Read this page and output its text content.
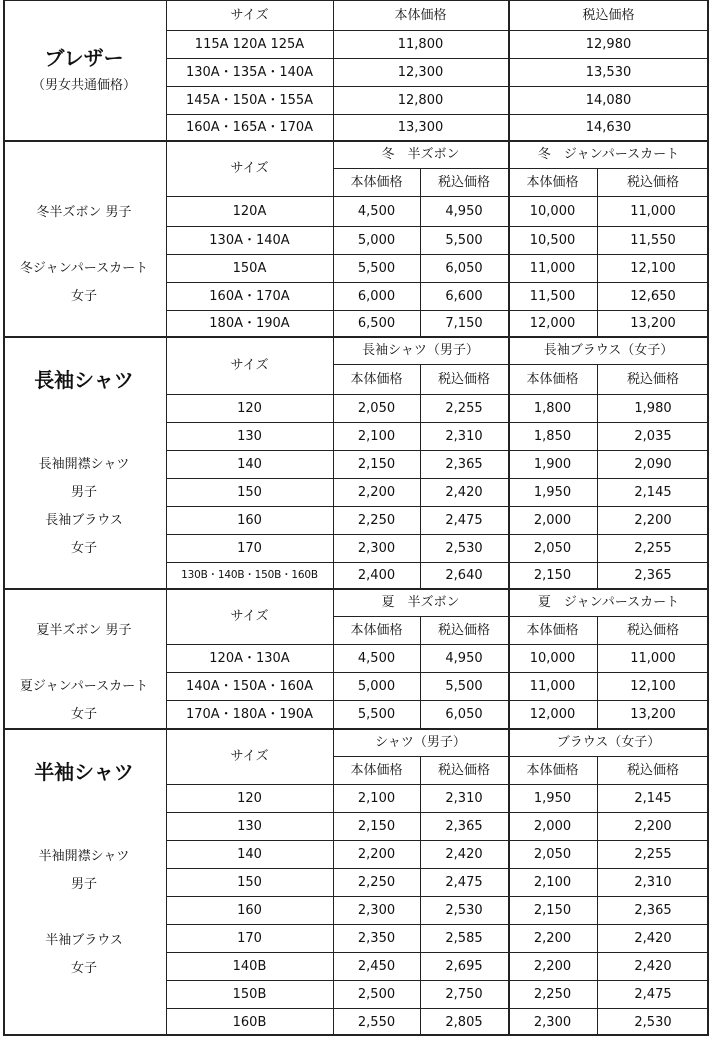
サイズ	本体価格	税込価格
115A 120A 125A	11,800	12,980
130A・135A・140A	12,300	13,530
145A・150A・155A	12,800	14,080
160A・165A・170A	13,300	14,630
ブレザー
（男女共通価格）
サイズ
冬　半ズボン	冬　ジャンパースカート
本体価格	税込価格	本体価格	税込価格
120A	4,500	4,950	10,000	11,000
130A・140A	5,000	5,500	10,500	11,550
150A	5,500	6,050	11,000	12,100
160A・170A	6,000	6,600	11,500	12,650
180A・190A	6,500	7,150	12,000	13,200
冬半ズボン 男子
冬ジャンパースカート
女子
サイズ
長袖シャツ（男子）	長袖ブラウス（女子）
本体価格	税込価格	本体価格	税込価格
120	2,050	2,255	1,800	1,980
130	2,100	2,310	1,850	2,035
140	2,150	2,365	1,900	2,090
150	2,200	2,420	1,950	2,145
160	2,250	2,475	2,000	2,200
170	2,300	2,530	2,050	2,255
130B・140B・150B・160B	2,400	2,640	2,150	2,365
長袖シャツ
長袖開襟シャツ
男子
長袖ブラウス
女子
サイズ
夏　半ズボン	夏　ジャンパースカート
本体価格	税込価格	本体価格	税込価格
120A・130A	4,500	4,950	10,000	11,000
140A・150A・160A	5,000	5,500	11,000	12,100
170A・180A・190A	5,500	6,050	12,000	13,200
夏半ズボン 男子
夏ジャンパースカート
女子
サイズ
シャツ（男子）	ブラウス（女子）
本体価格	税込価格	本体価格	税込価格
120	2,100	2,310	1,950	2,145
130	2,150	2,365	2,000	2,200
140	2,200	2,420	2,050	2,255
150	2,250	2,475	2,100	2,310
160	2,300	2,530	2,150	2,365
170	2,350	2,585	2,200	2,420
140B	2,450	2,695	2,200	2,420
150B	2,500	2,750	2,250	2,475
160B	2,550	2,805	2,300	2,530
半袖シャツ
半袖開襟シャツ
男子
半袖ブラウス
女子
